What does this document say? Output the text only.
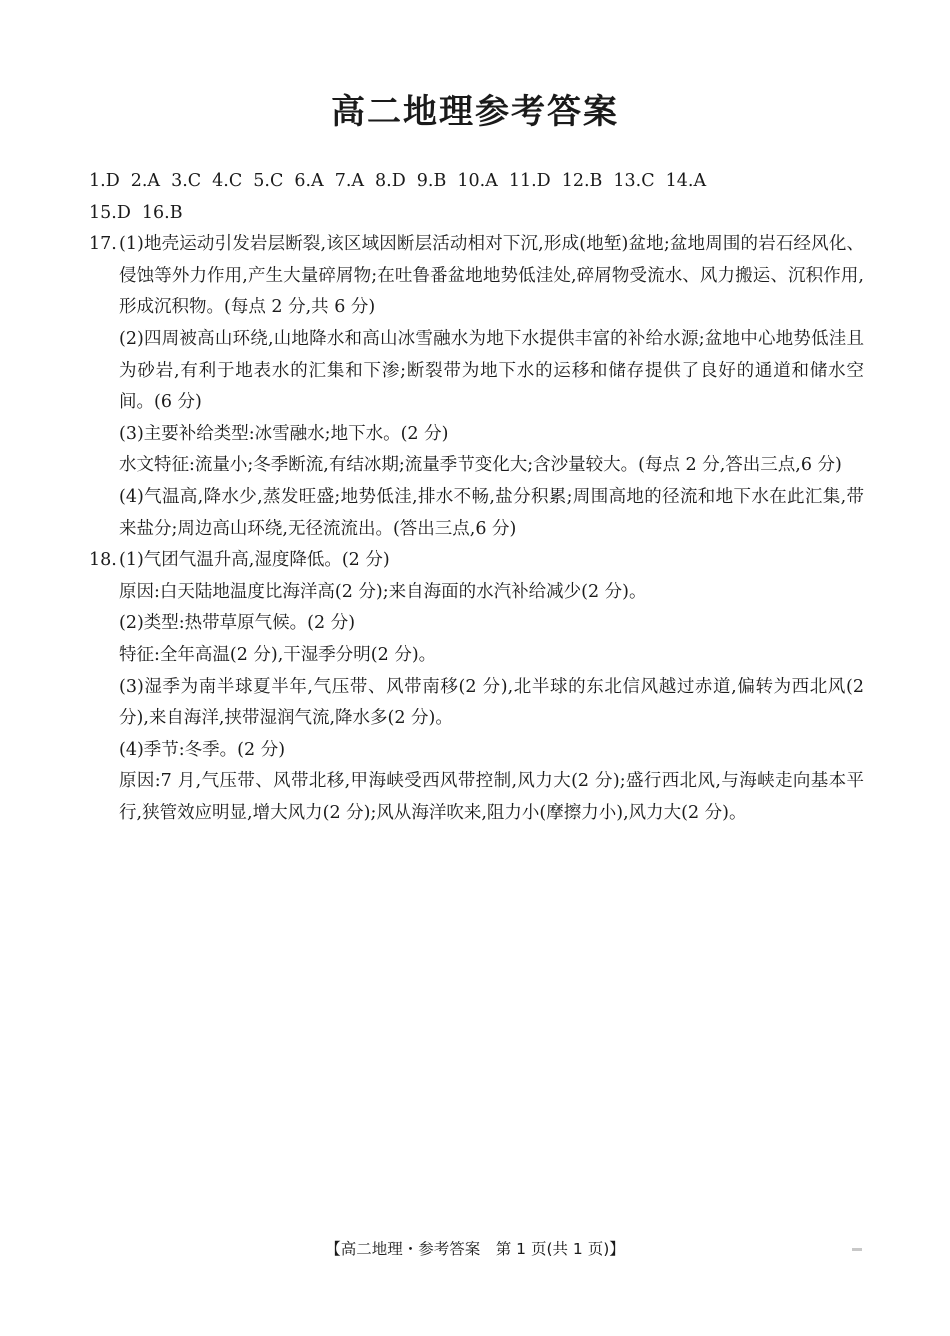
高二地理参考答案
1.D 2.A 3.C 4.C 5.C 6.A 7.A 8.D 9.B 10.A 11.D 12.B 13.C 14.A
15.D 16.B
17. (1)地壳运动引发岩层断裂,该区域因断层活动相对下沉,形成(地堑)盆地;盆地周围的岩石经风化、侵蚀等外力作用,产生大量碎屑物;在吐鲁番盆地地势低洼处,碎屑物受流水、风力搬运、沉积作用,形成沉积物。(每点 2 分,共 6 分)
(2)四周被高山环绕,山地降水和高山冰雪融水为地下水提供丰富的补给水源;盆地中心地势低洼且为砂岩,有利于地表水的汇集和下渗;断裂带为地下水的运移和储存提供了良好的通道和储水空间。(6 分)
(3)主要补给类型:冰雪融水;地下水。(2 分)
水文特征:流量小;冬季断流,有结冰期;流量季节变化大;含沙量较大。(每点 2 分,答出三点,6 分)
(4)气温高,降水少,蒸发旺盛;地势低洼,排水不畅,盐分积累;周围高地的径流和地下水在此汇集,带来盐分;周边高山环绕,无径流流出。(答出三点,6 分)
18. (1)气团气温升高,湿度降低。(2 分)
原因:白天陆地温度比海洋高(2 分);来自海面的水汽补给减少(2 分)。
(2)类型:热带草原气候。(2 分)
特征:全年高温(2 分),干湿季分明(2 分)。
(3)湿季为南半球夏半年,气压带、风带南移(2 分),北半球的东北信风越过赤道,偏转为西北风(2 分),来自海洋,挟带湿润气流,降水多(2 分)。
(4)季节:冬季。(2 分)
原因:7 月,气压带、风带北移,甲海峡受西风带控制,风力大(2 分);盛行西北风,与海峡走向基本平行,狭管效应明显,增大风力(2 分);风从海洋吹来,阻力小(摩擦力小),风力大(2 分)。
【高二地理・参考答案　第 1 页(共 1 页)】
